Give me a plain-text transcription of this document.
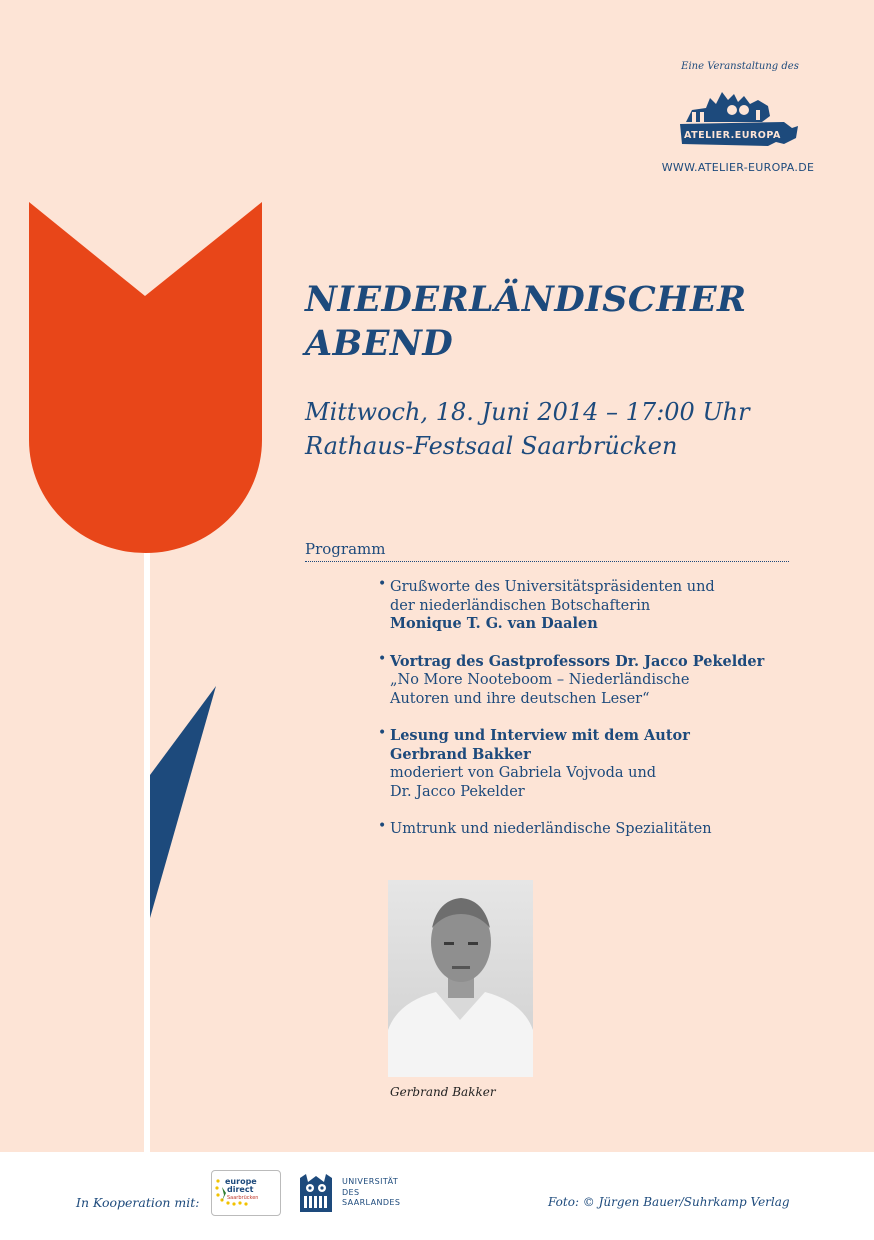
Eine Veranstaltung des
ATELIER.EUROPA
WWW.ATELIER-EUROPA.DE
NIEDERLÄNDISCHER
ABEND
Mittwoch, 18. Juni 2014 – 17:00 Uhr
Rathaus-Festsaal Saarbrücken
Programm
• Grußworte des Universitätspräsidenten und
der niederländischen Botschafterin
Monique T. G. van Daalen
• Vortrag des Gastprofessors Dr. Jacco Pekelder
„No More Nooteboom – Niederländische
Autoren und ihre deutschen Leser“
• Lesung und Interview mit dem Autor
Gerbrand Bakker
moderiert von Gabriela Vojvoda und
Dr. Jacco Pekelder
• Umtrunk und niederländische Spezialitäten
Gerbrand Bakker
In Kooperation mit:
europe
direct
Saarbrücken
UNIVERSITÄT
DES
SAARLANDES	Foto: © Jürgen Bauer/Suhrkamp Verlag
